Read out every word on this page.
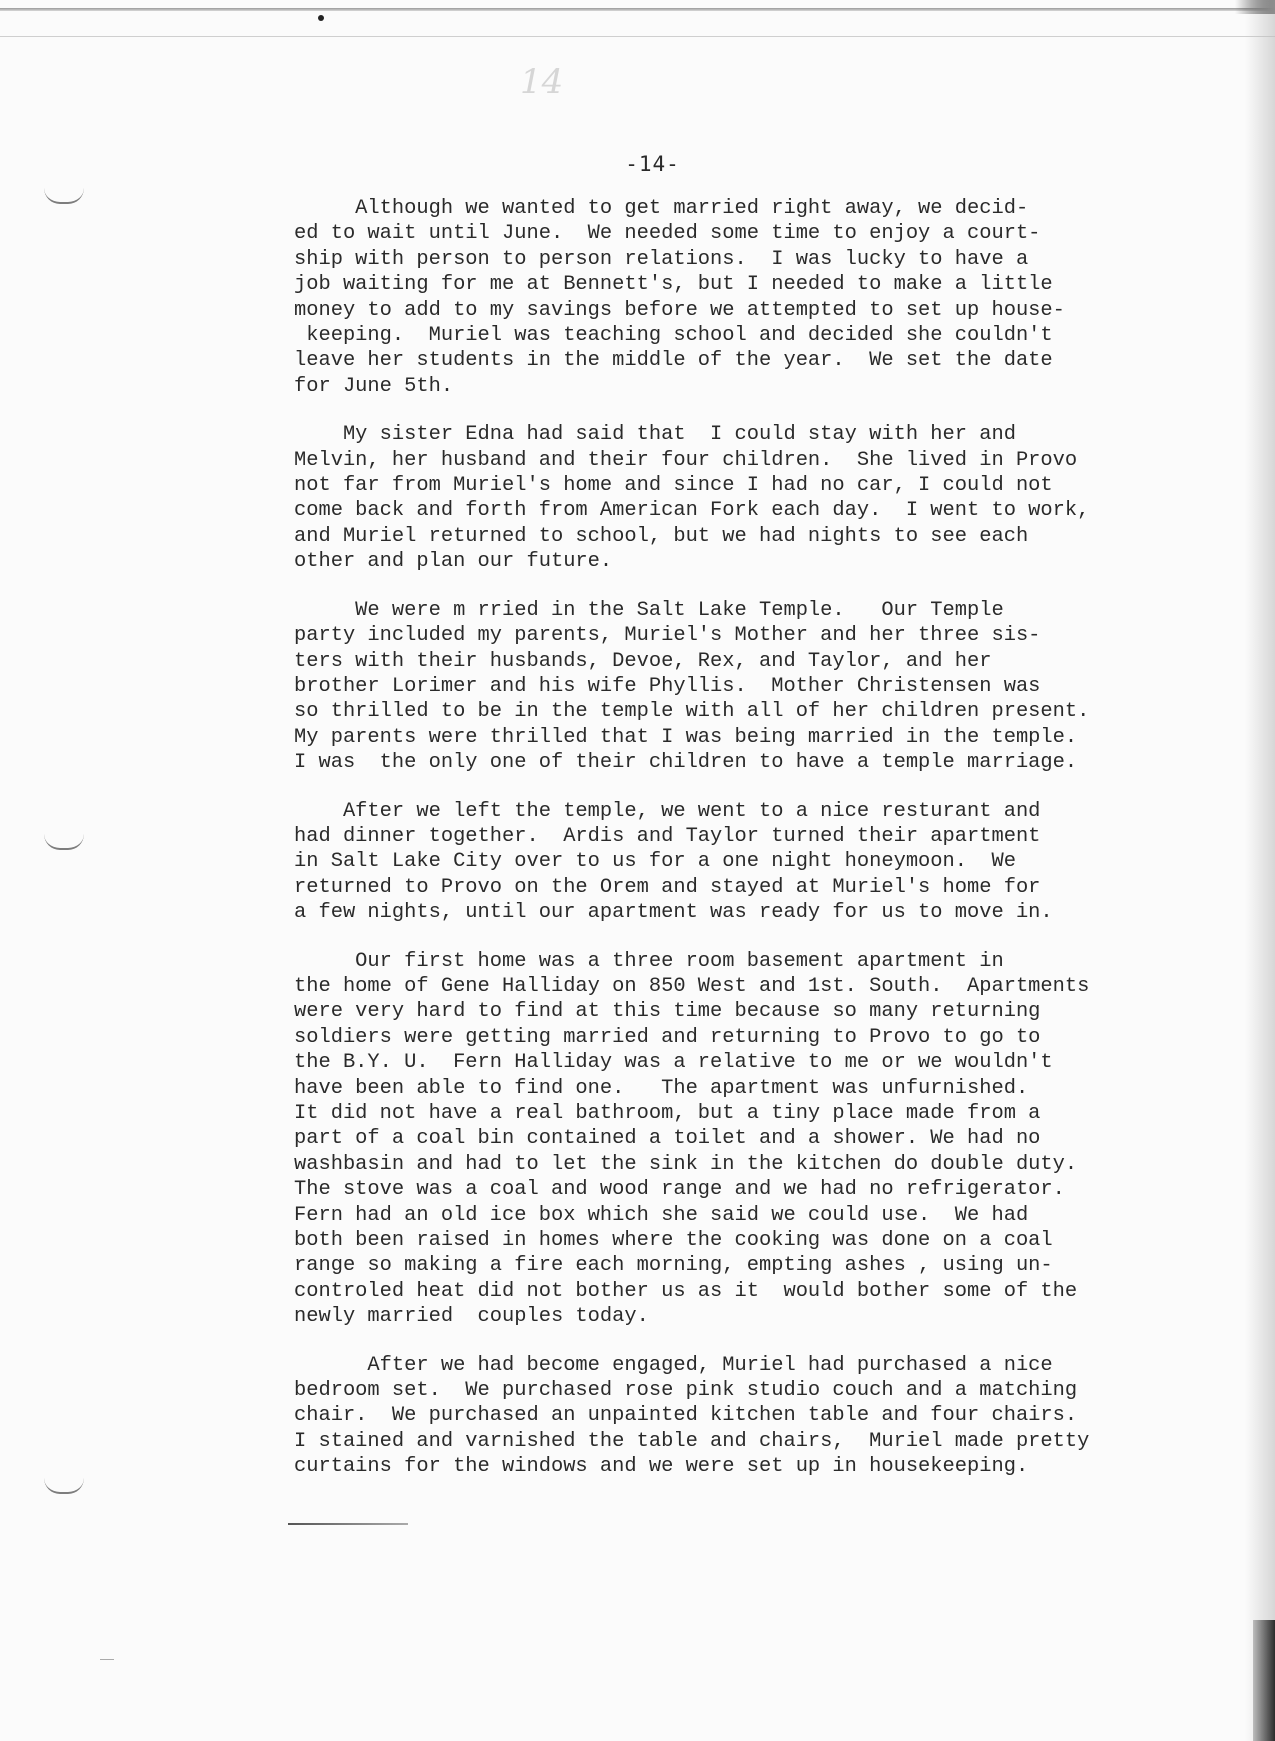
14
-14-
Although we wanted to get married right away, we decid-
ed to wait until June.  We needed some time to enjoy a court-
ship with person to person relations.  I was lucky to have a
job waiting for me at Bennett's, but I needed to make a little
money to add to my savings before we attempted to set up house-
keeping.  Muriel was teaching school and decided she couldn't
leave her students in the middle of the year.  We set the date
for June 5th.
My sister Edna had said that  I could stay with her and
Melvin, her husband and their four children.  She lived in Provo
not far from Muriel's home and since I had no car, I could not
come back and forth from American Fork each day.  I went to work,
and Muriel returned to school, but we had nights to see each
other and plan our future.
We were m rried in the Salt Lake Temple.   Our Temple
party included my parents, Muriel's Mother and her three sis-
ters with their husbands, Devoe, Rex, and Taylor, and her
brother Lorimer and his wife Phyllis.  Mother Christensen was
so thrilled to be in the temple with all of her children present.
My parents were thrilled that I was being married in the temple.
I was  the only one of their children to have a temple marriage.
After we left the temple, we went to a nice resturant and
had dinner together.  Ardis and Taylor turned their apartment
in Salt Lake City over to us for a one night honeymoon.  We
returned to Provo on the Orem and stayed at Muriel's home for
a few nights, until our apartment was ready for us to move in.
Our first home was a three room basement apartment in
the home of Gene Halliday on 850 West and 1st. South.  Apartments
were very hard to find at this time because so many returning
soldiers were getting married and returning to Provo to go to
the B.Y. U.  Fern Halliday was a relative to me or we wouldn't
have been able to find one.   The apartment was unfurnished.
It did not have a real bathroom, but a tiny place made from a
part of a coal bin contained a toilet and a shower. We had no
washbasin and had to let the sink in the kitchen do double duty.
The stove was a coal and wood range and we had no refrigerator.
Fern had an old ice box which she said we could use.  We had
both been raised in homes where the cooking was done on a coal
range so making a fire each morning, empting ashes , using un-
controled heat did not bother us as it  would bother some of the
newly married  couples today.
After we had become engaged, Muriel had purchased a nice
bedroom set.  We purchased rose pink studio couch and a matching
chair.  We purchased an unpainted kitchen table and four chairs.
I stained and varnished the table and chairs,  Muriel made pretty
curtains for the windows and we were set up in housekeeping.
